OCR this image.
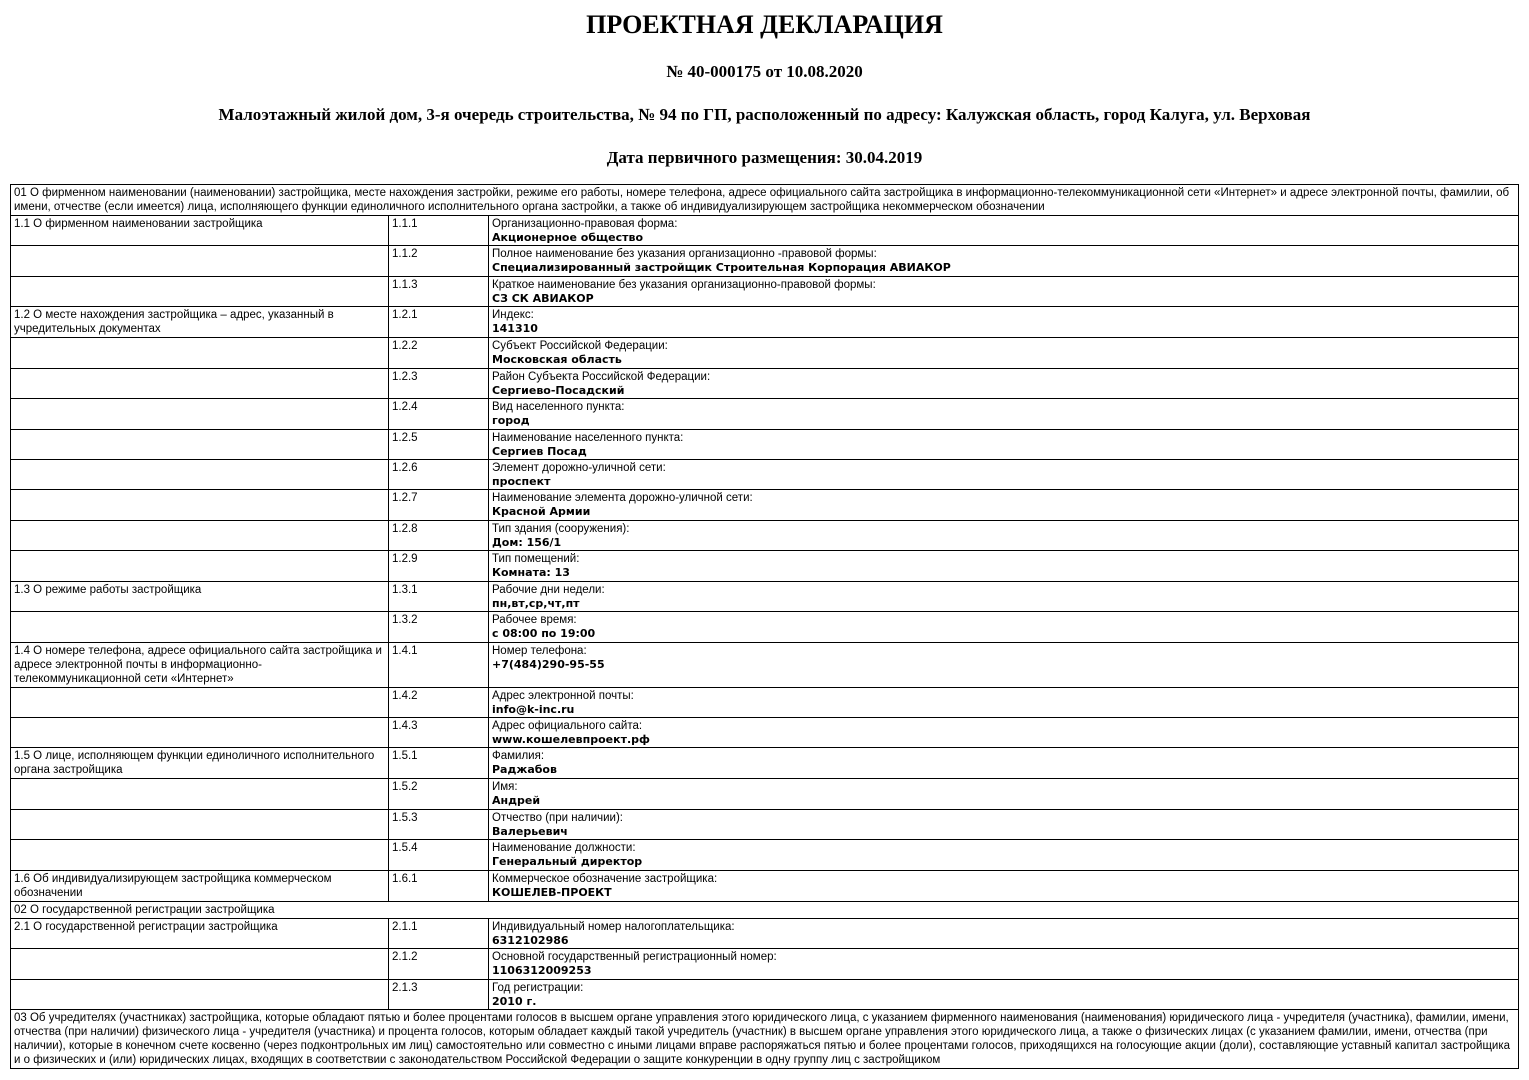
ПРОЕКТНАЯ ДЕКЛАРАЦИЯ
№ 40-000175 от 10.08.2020
Малоэтажный жилой дом, 3-я очередь строительства, № 94 по ГП, расположенный по адресу: Калужская область, город Калуга, ул. Верховая
Дата первичного размещения: 30.04.2019
01 О фирменном наименовании (наименовании) застройщика, месте нахождения застройки, режиме его работы, номере телефона, адресе официального сайта застройщика в информационно-телекоммуникационной сети «Интернет» и адресе электронной почты, фамилии, об имени, отчестве (если имеется) лица, исполняющего функции единоличного исполнительного органа застройки, а также об индивидуализирующем застройщика некоммерческом обозначении		
1.1 О фирменном наименовании застройщика	1.1.1	Организационно-правовая форма:
Акционерное общество

	1.1.2	Полное наименование без указания организационно -правовой формы:
Специализированный застройщик Строительная Корпорация АВИАКОР

	1.1.3	Краткое наименование без указания организационно-правовой формы:
СЗ СК АВИАКОР

1.2 О месте нахождения застройщика – адрес, указанный в учредительных документах	1.2.1	Индекс:
141310

	1.2.2	Субъект Российской Федерации:
Московская область

	1.2.3	Район Субъекта Российской Федерации:
Сергиево-Посадский

	1.2.4	Вид населенного пункта:
город

	1.2.5	Наименование населенного пункта:
Сергиев Посад

	1.2.6	Элемент дорожно-уличной сети:
проспект

	1.2.7	Наименование элемента дорожно-уличной сети:
Красной Армии

	1.2.8	Тип здания (сооружения):
Дом: 156/1

	1.2.9	Тип помещений:
Комната: 13

1.3 О режиме работы застройщика	1.3.1	Рабочие дни недели:
пн,вт,ср,чт,пт

	1.3.2	Рабочее время:
с 08:00 по 19:00

1.4 О номере телефона, адресе официального сайта застройщика и адресе электронной почты в информационно-телекоммуникационной сети «Интернет»	1.4.1	Номер телефона:
+7(484)290-95-55

	1.4.2	Адрес электронной почты:
info@k-inc.ru

	1.4.3	Адрес официального сайта:
www.кошелевпроект.рф

1.5 О лице, исполняющем функции единоличного исполнительного органа застройщика	1.5.1	Фамилия:
Раджабов

	1.5.2	Имя:
Андрей

	1.5.3	Отчество (при наличии):
Валерьевич

	1.5.4	Наименование должности:
Генеральный директор

1.6 Об индивидуализирующем застройщика коммерческом обозначении	1.6.1	Коммерческое обозначение застройщика:
КОШЕЛЕВ-ПРОЕКТ

02 О государственной регистрации застройщика		
2.1 О государственной регистрации застройщика	2.1.1	Индивидуальный номер налогоплательщика:
6312102986

	2.1.2	Основной государственный регистрационный номер:
1106312009253

	2.1.3	Год регистрации:
2010 г.

03 Об учредителях (участниках) застройщика, которые обладают пятью и более процентами голосов в высшем органе управления этого юридического лица, с указанием фирменного наименования (наименования) юридического лица - учредителя (участника), фамилии, имени, отчества (при наличии) физического лица - учредителя (участника) и процента голосов, которым обладает каждый такой учредитель (участник) в высшем органе управления этого юридического лица, а также о физических лицах (с указанием фамилии, имени, отчества (при наличии), которые в конечном счете косвенно (через подконтрольных им лиц) самостоятельно или совместно с иными лицами вправе распоряжаться пятью и более процентами голосов, приходящихся на голосующие акции (доли), составляющие уставный капитал застройщика и о физических и (или) юридических лицах, входящих в соответствии с законодательством Российской Федерации о защите конкуренции в одну группу лиц с застройщиком		
